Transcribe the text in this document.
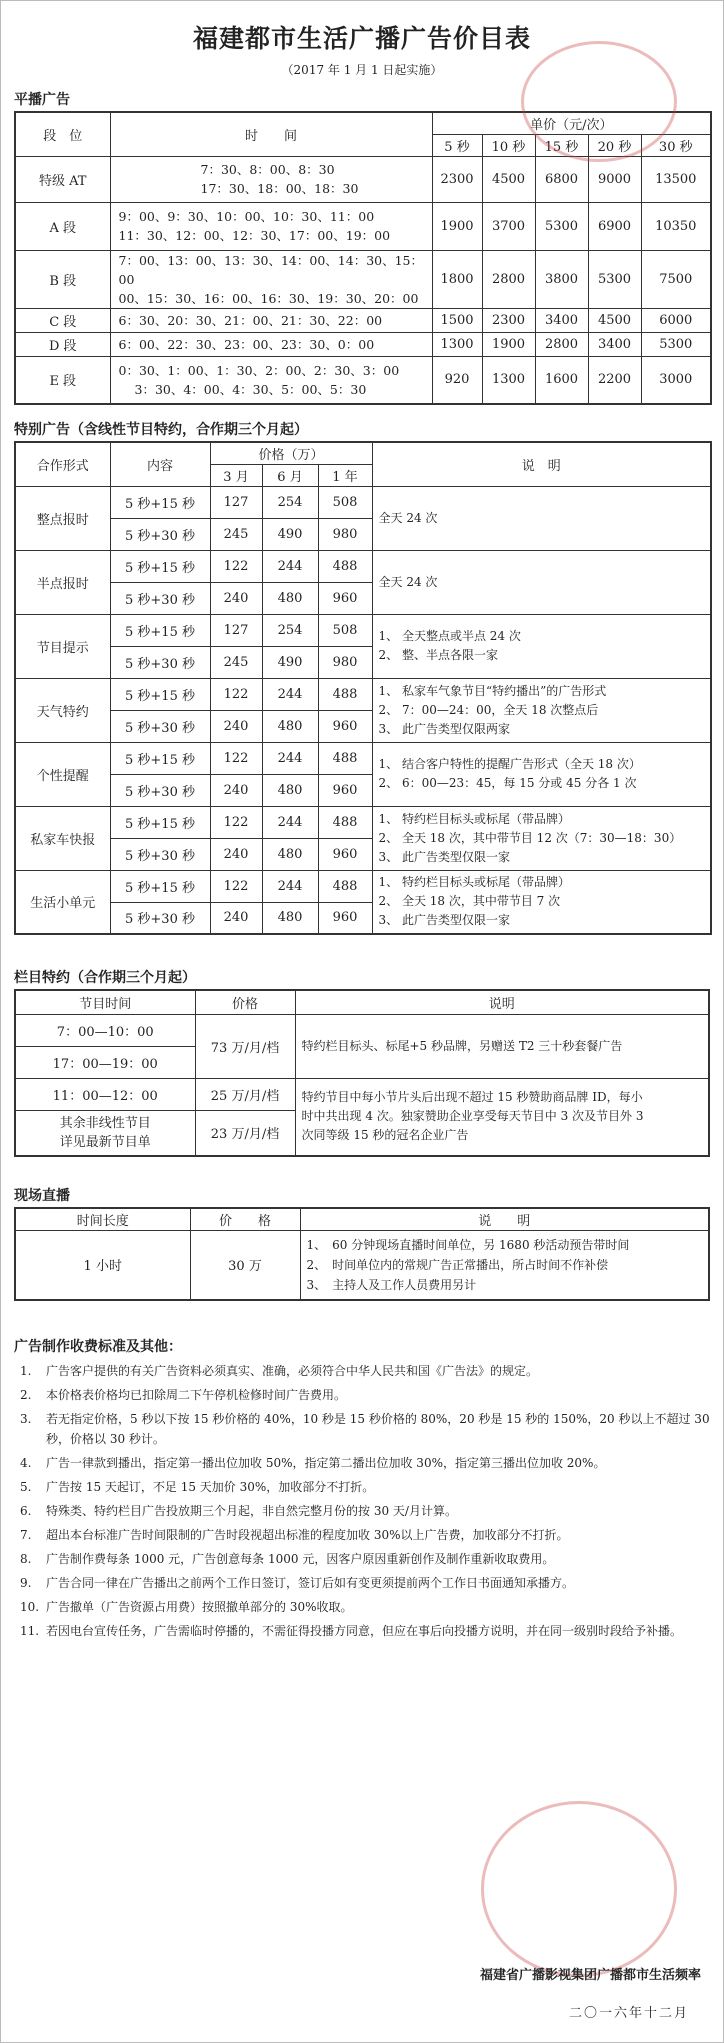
福建都市生活广播广告价目表
（2017 年 1 月 1 日起实施）
平播广告
段　位	时　　间	单价（元/次）				
		5 秒	10 秒	15 秒	20 秒	30 秒
特级 AT	7：30、8：00、8：30
17：30、18：00、18：30	2300	4500	6800	9000	13500
A 段	9：00、9：30、10：00、10：30、11：00
11：30、12：00、12：30、17：00、19：00	1900	3700	5300	6900	10350
B 段	7：00、13：00、13：30、14：00、14：30、15：00
00、15：30、16：00、16：30、19：30、20：00	1800	2800	3800	5300	7500
C 段	6：30、20：30、21：00、21：30、22：00	1500	2300	3400	4500	6000
D 段	6：00、22：30、23：00、23：30、0：00	1300	1900	2800	3400	5300
E 段	0：30、1：00、1：30、2：00、2：30、3：00
3：30、4：00、4：30、5：00、5：30	920	1300	1600	2200	3000
特别广告（含线性节目特约，合作期三个月起）
合作形式	内容	价格（万）			说　明
		3 月	6 月	1 年	
整点报时	5 秒+15 秒	127	254	508	全天 24 次

	5 秒+30 秒	245	490	980	
半点报时	5 秒+15 秒	122	244	488	全天 24 次

	5 秒+30 秒	240	480	960	
节目提示	5 秒+15 秒	127	254	508	1、 全天整点或半点 24 次
2、 整、半点各限一家

	5 秒+30 秒	245	490	980	
天气特约	5 秒+15 秒	122	244	488	1、 私家车气象节目“特约播出”的广告形式
2、 7：00—24：00，全天 18 次整点后
3、 此广告类型仅限两家

	5 秒+30 秒	240	480	960	
个性提醒	5 秒+15 秒	122	244	488	1、 结合客户特性的提醒广告形式（全天 18 次）
2、 6：00—23：45，每 15 分或 45 分各 1 次

	5 秒+30 秒	240	480	960	
私家车快报	5 秒+15 秒	122	244	488	1、 特约栏目标头或标尾（带品牌）
2、 全天 18 次，其中带节目 12 次（7：30—18：30）
3、 此广告类型仅限一家

	5 秒+30 秒	240	480	960	
生活小单元	5 秒+15 秒	122	244	488	1、 特约栏目标头或标尾（带品牌）
2、 全天 18 次，其中带节目 7 次
3、 此广告类型仅限一家

	5 秒+30 秒	240	480	960	
栏目特约（合作期三个月起）
节目时间	价格	说明
7：00—10：00	73 万/月/档	特约栏目标头、标尾+5 秒品牌，另赠送 T2 三十秒套餐广告
17：00—19：00		
11：00—12：00	25 万/月/档	特约节目中每小节片头后出现不超过 15 秒赞助商品牌 ID，每小
时中共出现 4 次。独家赞助企业享受每天节目中 3 次及节目外 3
次同等级 15 秒的冠名企业广告

其余非线性节目
详见最新节目单	23 万/月/档	
现场直播
时间长度	价　　格	说　　明
1 小时	30 万	1、　60 分钟现场直播时间单位，另 1680 秒活动预告带时间
2、　时间单位内的常规广告正常播出，所占时间不作补偿
3、　主持人及工作人员费用另计
广告制作收费标准及其他：
1.	广告客户提供的有关广告资料必须真实、准确，必须符合中华人民共和国《广告法》的规定。
2.	本价格表价格均已扣除周二下午停机检修时间广告费用。
3.	若无指定价格，5 秒以下按 15 秒价格的 40%，10 秒是 15 秒价格的 80%，20 秒是 15 秒的 150%，20 秒以上不超过 30 秒，价格以 30 秒计。
4.	广告一律款到播出，指定第一播出位加收 50%，指定第二播出位加收 30%，指定第三播出位加收 20%。
5.	广告按 15 天起订，不足 15 天加价 30%，加收部分不打折。
6.	特殊类、特约栏目广告投放期三个月起，非自然完整月份的按 30 天/月计算。
7.	超出本台标准广告时间限制的广告时段视超出标准的程度加收 30%以上广告费，加收部分不打折。
8.	广告制作费每条 1000 元，广告创意每条 1000 元，因客户原因重新创作及制作重新收取费用。
9.	广告合同一律在广告播出之前两个工作日签订，签订后如有变更须提前两个工作日书面通知承播方。
10. 广告撤单（广告资源占用费）按照撤单部分的 30%收取。
11. 若因电台宣传任务，广告需临时停播的，不需征得投播方同意，但应在事后向投播方说明，并在同一级别时段给予补播。
福建省广播影视集团广播都市生活频率
二〇一六年十二月
